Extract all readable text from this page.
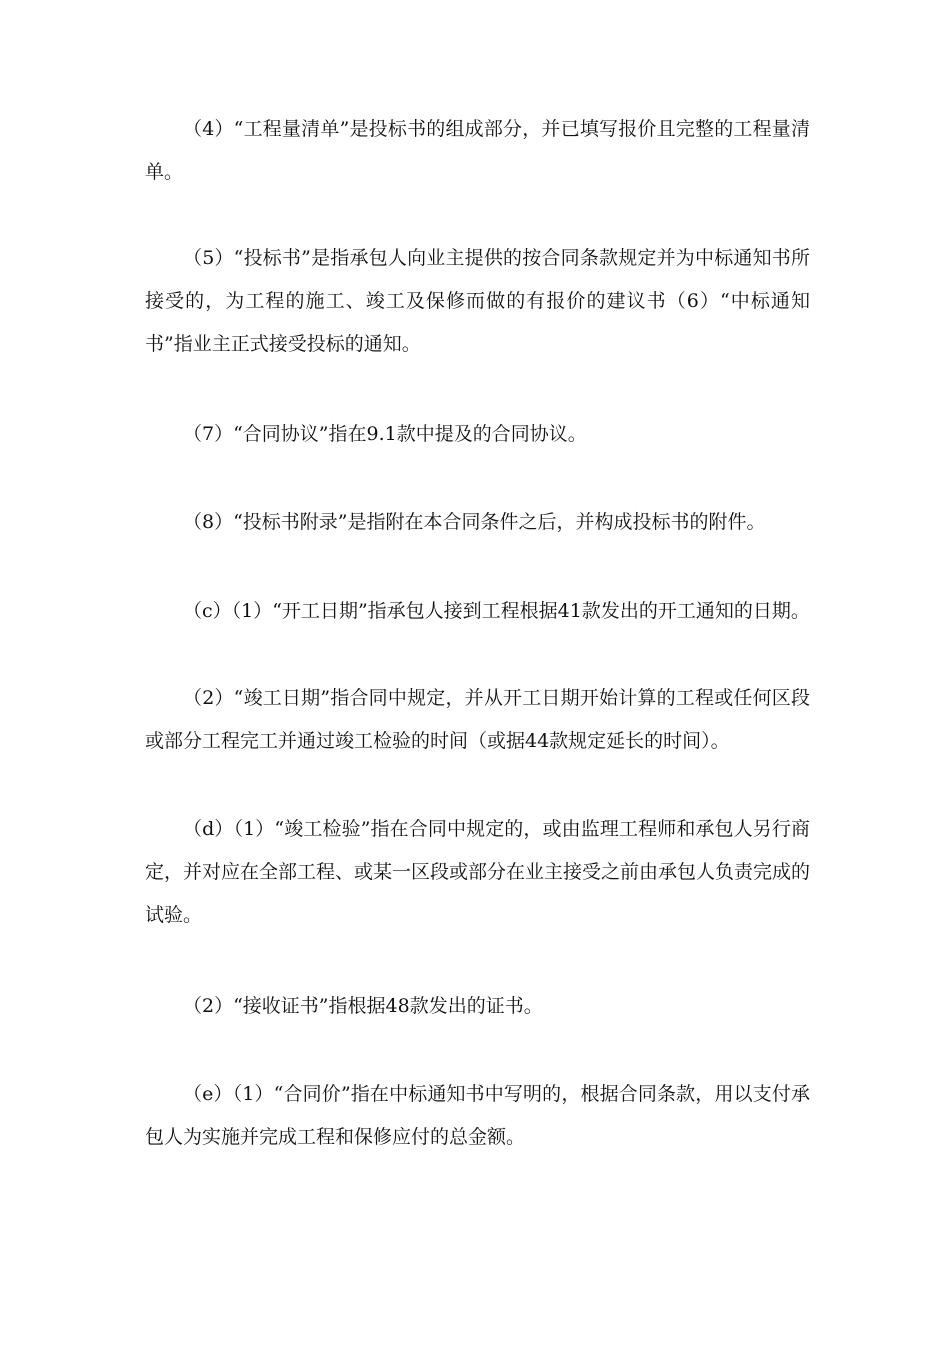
（4）“工程量清单”是投标书的组成部分，并已填写报价且完整的工程量清单。

（5）“投标书”是指承包人向业主提供的按合同条款规定并为中标通知书所接受的，为工程的施工、竣工及保修而做的有报价的建议书（6）“中标通知书”指业主正式接受投标的通知。

（7）“合同协议”指在9.1款中提及的合同协议。

（8）“投标书附录”是指附在本合同条件之后，并构成投标书的附件。

（c）（1）“开工日期”指承包人接到工程根据41款发出的开工通知的日期。

（2）“竣工日期”指合同中规定，并从开工日期开始计算的工程或任何区段或部分工程完工并通过竣工检验的时间（或据44款规定延长的时间）。

（d）（1）“竣工检验”指在合同中规定的，或由监理工程师和承包人另行商定，并对应在全部工程、或某一区段或部分在业主接受之前由承包人负责完成的试验。

（2）“接收证书”指根据48款发出的证书。

（e）（1）“合同价”指在中标通知书中写明的，根据合同条款，用以支付承包人为实施并完成工程和保修应付的总金额。
